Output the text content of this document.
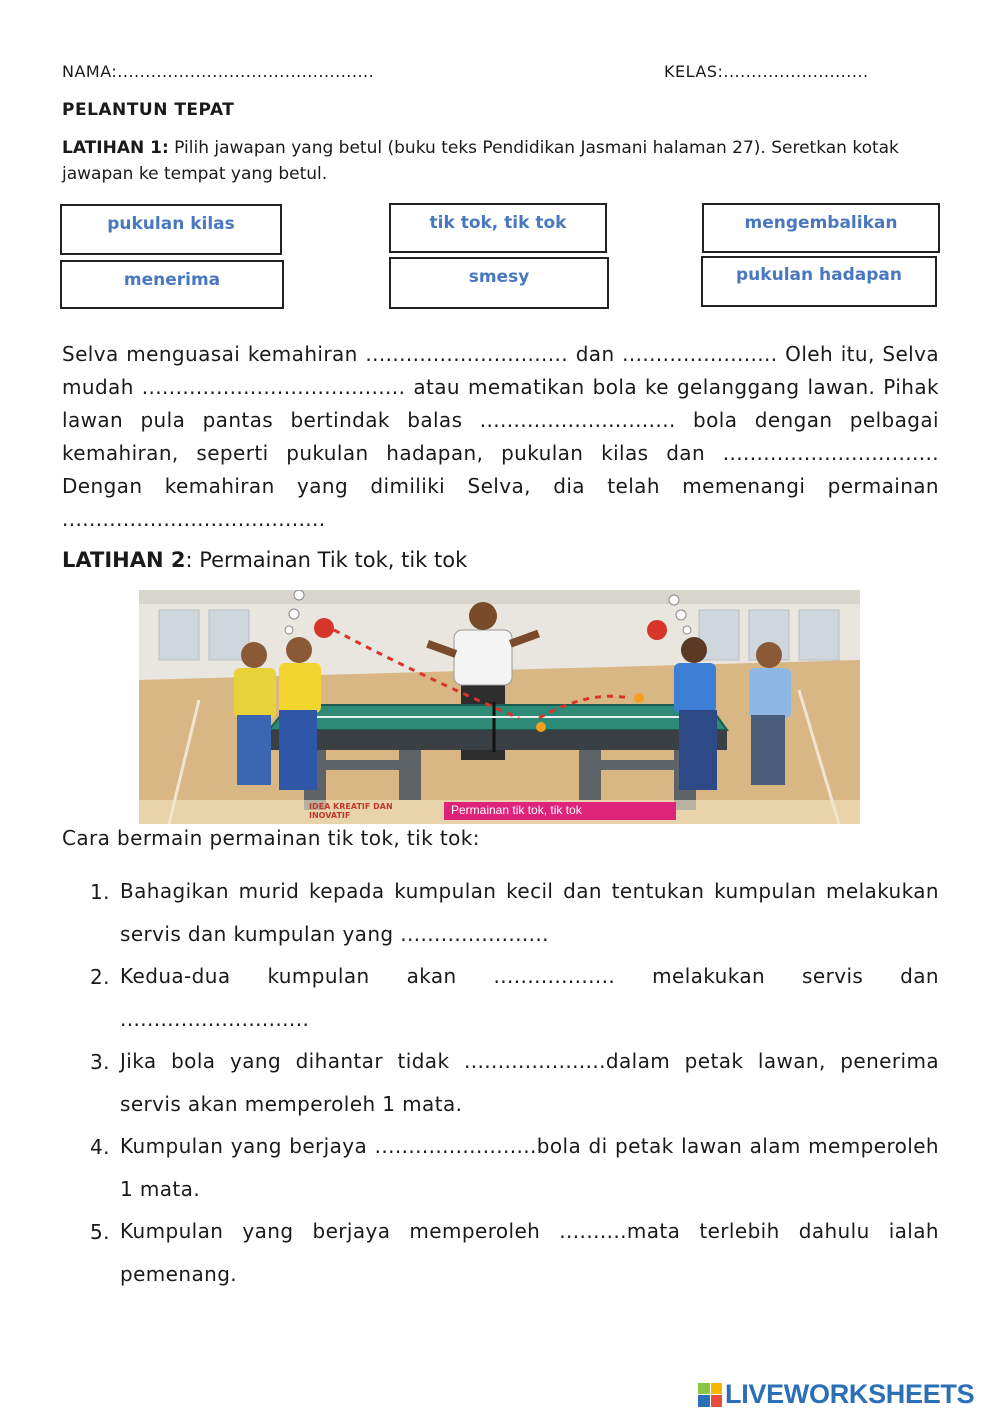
NAMA:..............................................	KELAS:..........................
PELANTUN TEPAT
LATIHAN 1: Pilih jawapan yang betul (buku teks Pendidikan Jasmani halaman 27). Seretkan kotak jawapan ke tempat yang betul.
pukulan kilas	tik tok, tik tok	mengembalikan
menerima	smesy	pukulan hadapan
Selva menguasai kemahiran .............................. dan ....................... Oleh itu, Selva mudah ....................................... atau mematikan bola ke gelanggang lawan. Pihak lawan pula pantas bertindak balas ............................. bola dengan pelbagai kemahiran, seperti pukulan hadapan, pukulan kilas dan ................................ Dengan kemahiran yang dimiliki Selva, dia telah memenangi permainan .......................................
LATIHAN 2: Permainan Tik tok, tik tok
IDEA KREATIF DAN INOVATIF	Permainan tik tok, tik tok
Cara bermain permainan tik tok, tik tok:
1. Bahagikan murid kepada kumpulan kecil dan tentukan kumpulan melakukan servis dan kumpulan yang ......................
2. Kedua-dua kumpulan akan .................. melakukan servis dan ............................
3. Jika bola yang dihantar tidak .....................dalam petak lawan, penerima servis akan memperoleh 1 mata.
4. Kumpulan yang berjaya ........................bola di petak lawan alam memperoleh 1 mata.
5. Kumpulan yang berjaya memperoleh ..........mata terlebih dahulu ialah pemenang.
LIVEWORKSHEETS
